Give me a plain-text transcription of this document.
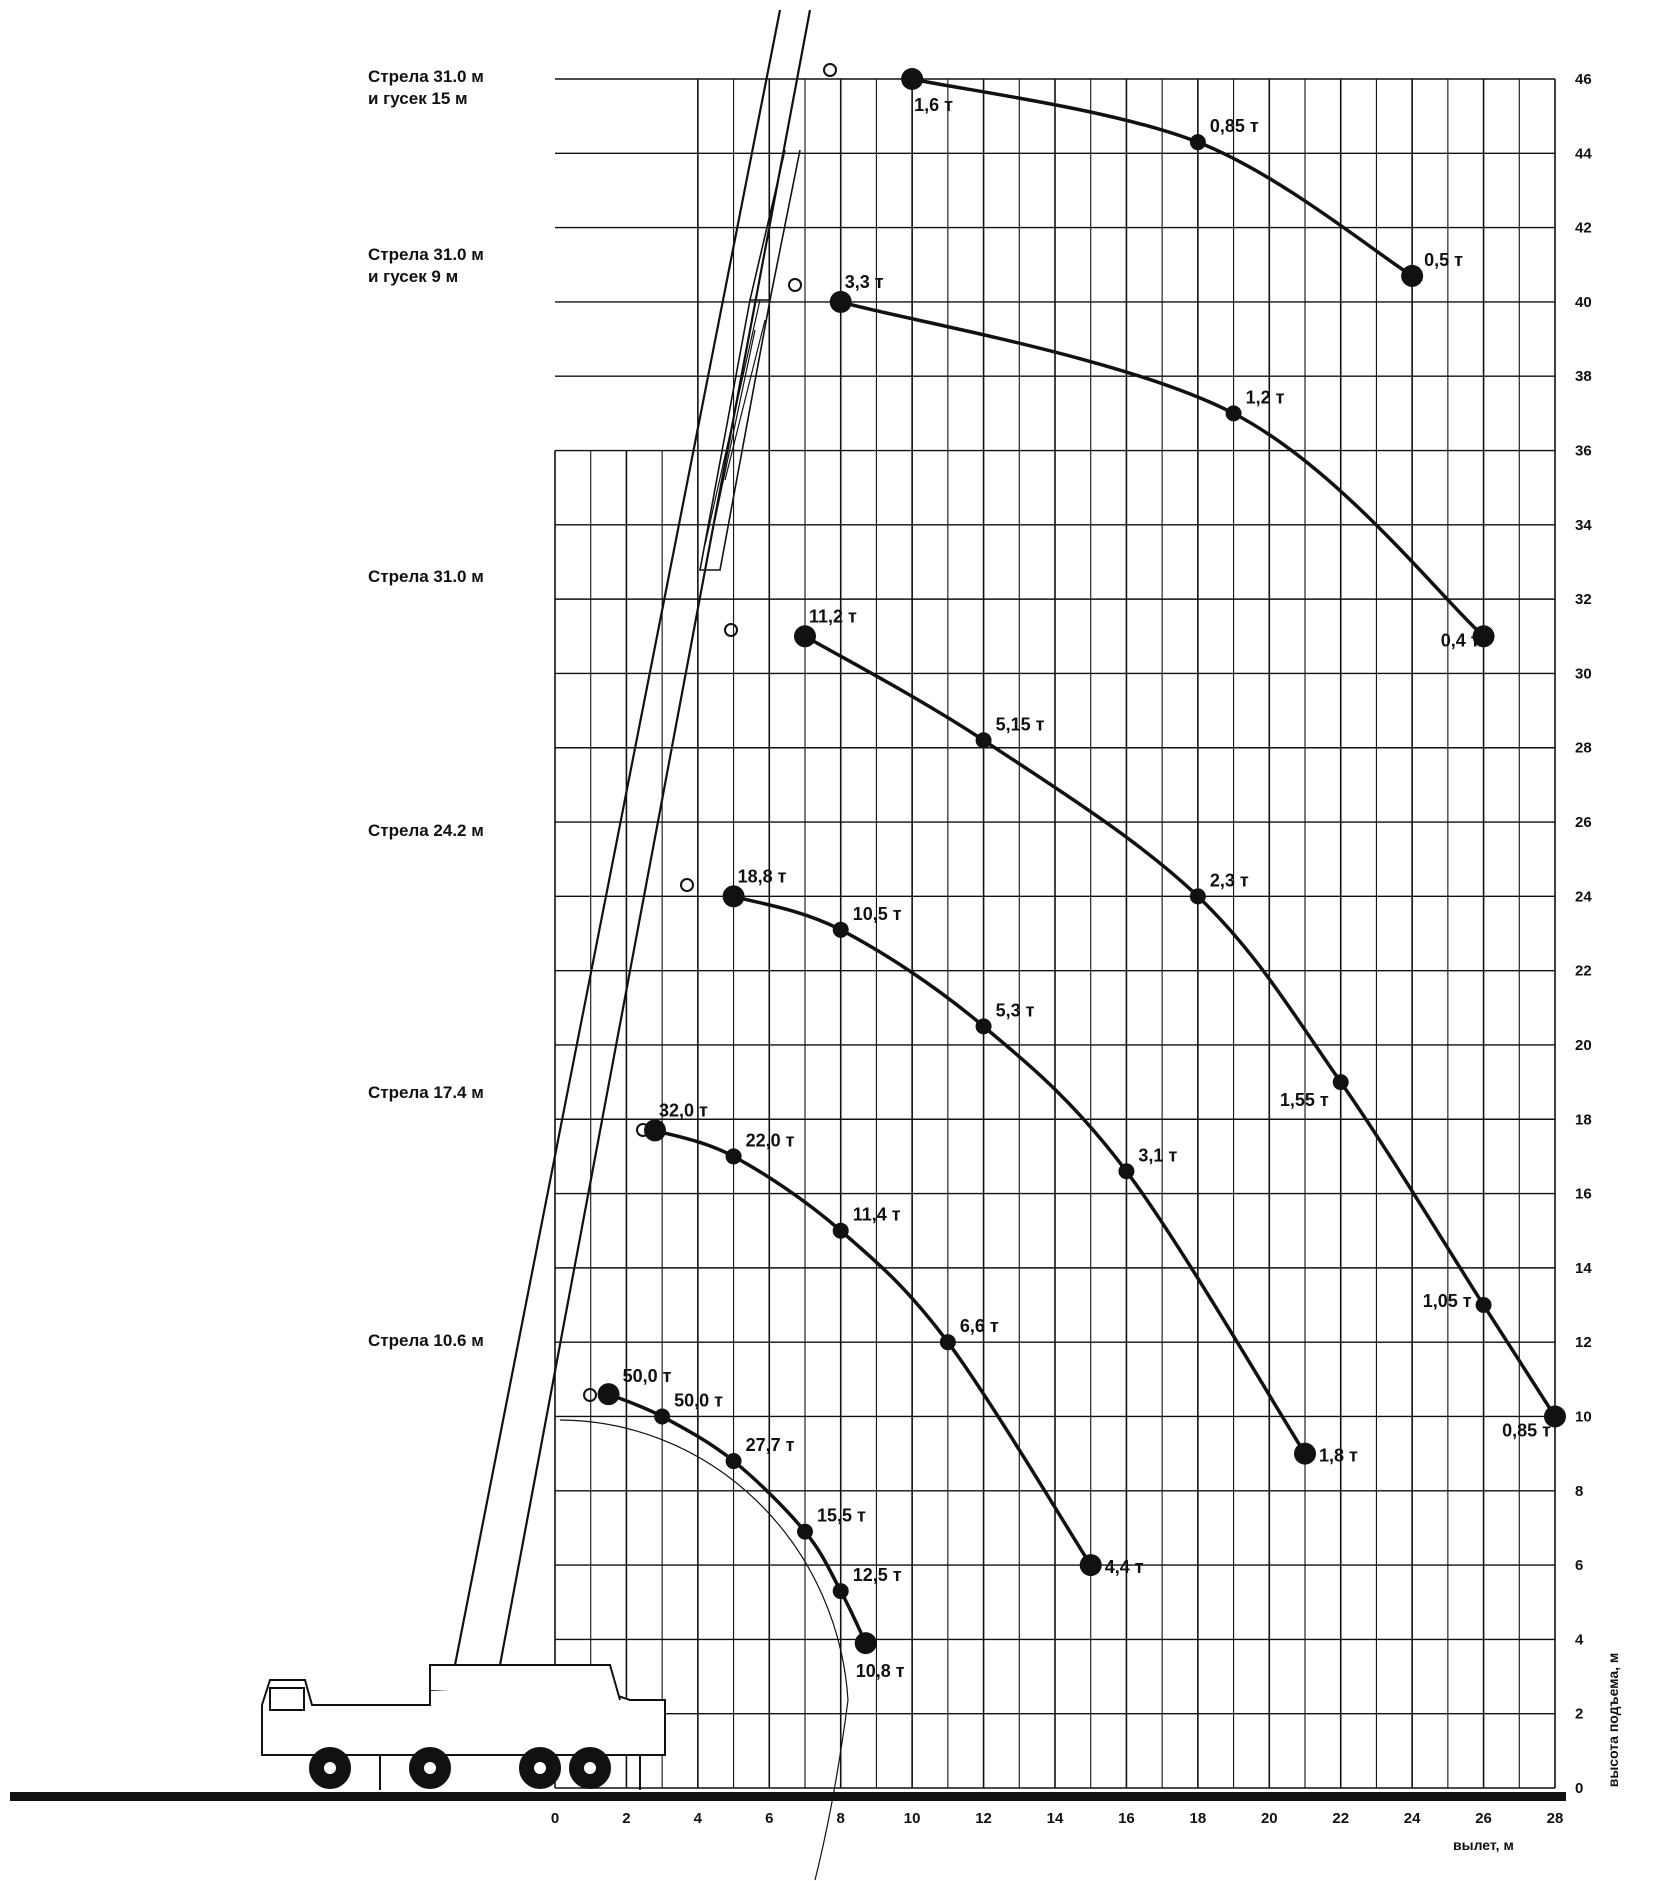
Стрела 31.0 м
и гусек 15 м
Стрела 31.0 м
и гусек 9 м
Стрела 31.0 м
Стрела 24.2 м
Стрела 17.4 м
Стрела 10.6 м
1,6 т
0,85 т
0,5 т
3,3 т
1,2 т
0,4 т
11,2 т
5,15 т
2,3 т
1,55 т
1,05 т
0,85 т
18,8 т
10,5 т
5,3 т
3,1 т
1,8 т
32,0 т
22,0 т
11,4 т
6,6 т
4,4 т
50,0 т
50,0 т
27,7 т
15,5 т
12,5 т
10,8 т
0	2	4	6	8	10	12	14	16	18	20	22	24	26	28
0
2
4
6
8
10
12
14
16
18
20
22
24
26
28
30
32
34
36
38
40
42
44
46
вылет, м
высота подъема, м
